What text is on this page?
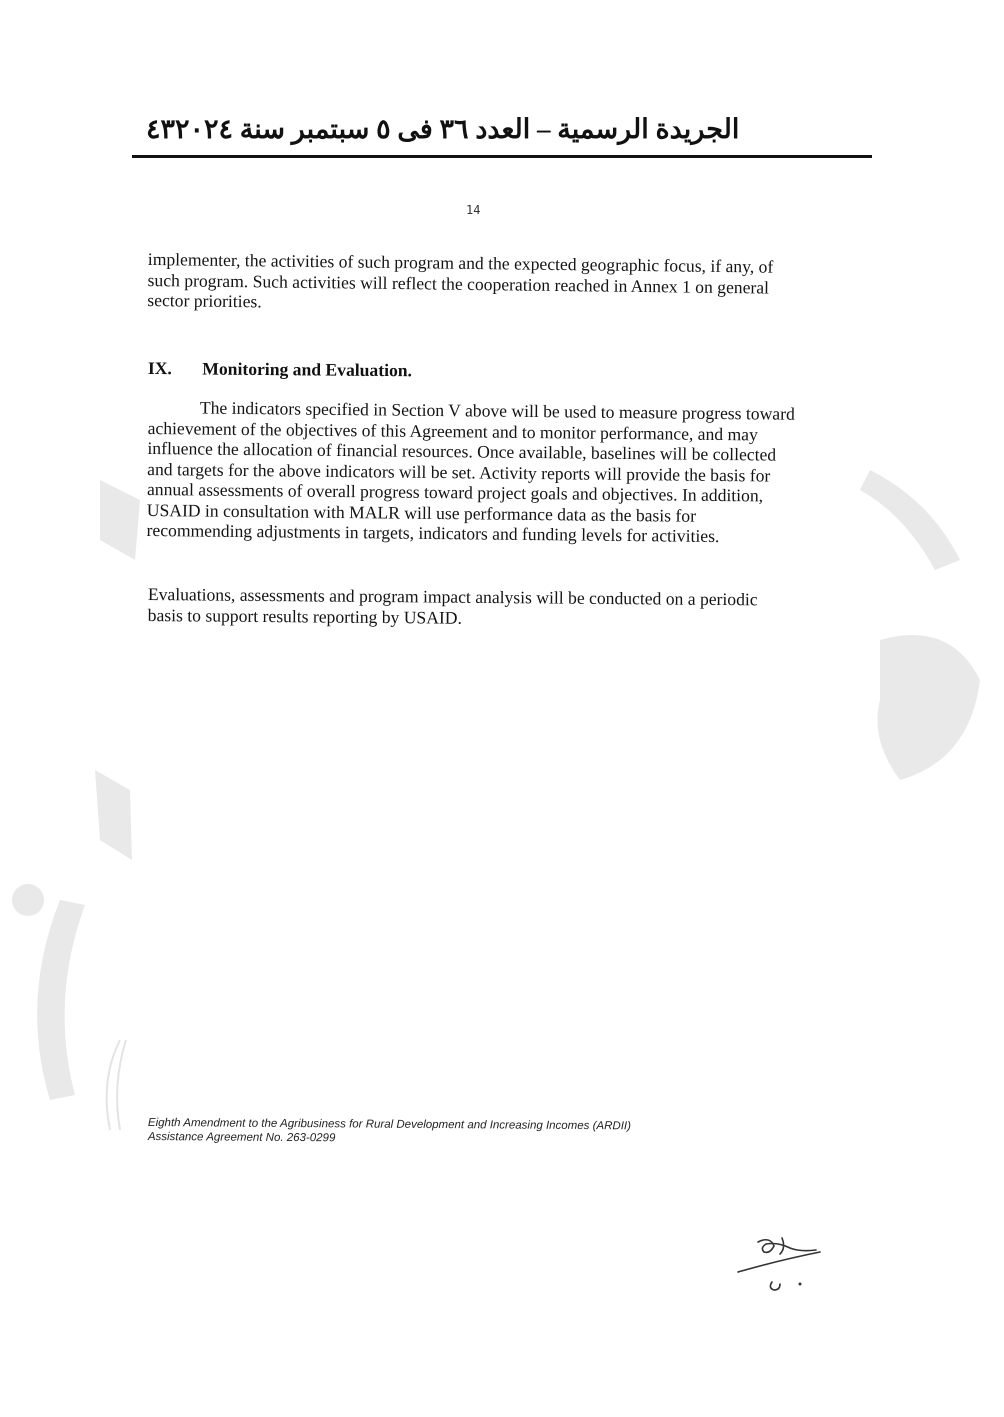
٤٣ الجريدة الرسمية – العدد ٣٦ فى ٥ سبتمبر سنة ٢٠٢٤
14

implementer, the activities of such program and the expected geographic focus, if any, of such program. Such activities will reflect the cooperation reached in Annex 1 on general sector priorities.

IX. Monitoring and Evaluation.

The indicators specified in Section V above will be used to measure progress toward achievement of the objectives of this Agreement and to monitor performance, and may influence the allocation of financial resources. Once available, baselines will be collected and targets for the above indicators will be set. Activity reports will provide the basis for annual assessments of overall progress toward project goals and objectives. In addition, USAID in consultation with MALR will use performance data as the basis for recommending adjustments in targets, indicators and funding levels for activities.

Evaluations, assessments and program impact analysis will be conducted on a periodic basis to support results reporting by USAID.

Eighth Amendment to the Agribusiness for Rural Development and Increasing Incomes (ARDII)
Assistance Agreement No. 263-0299
